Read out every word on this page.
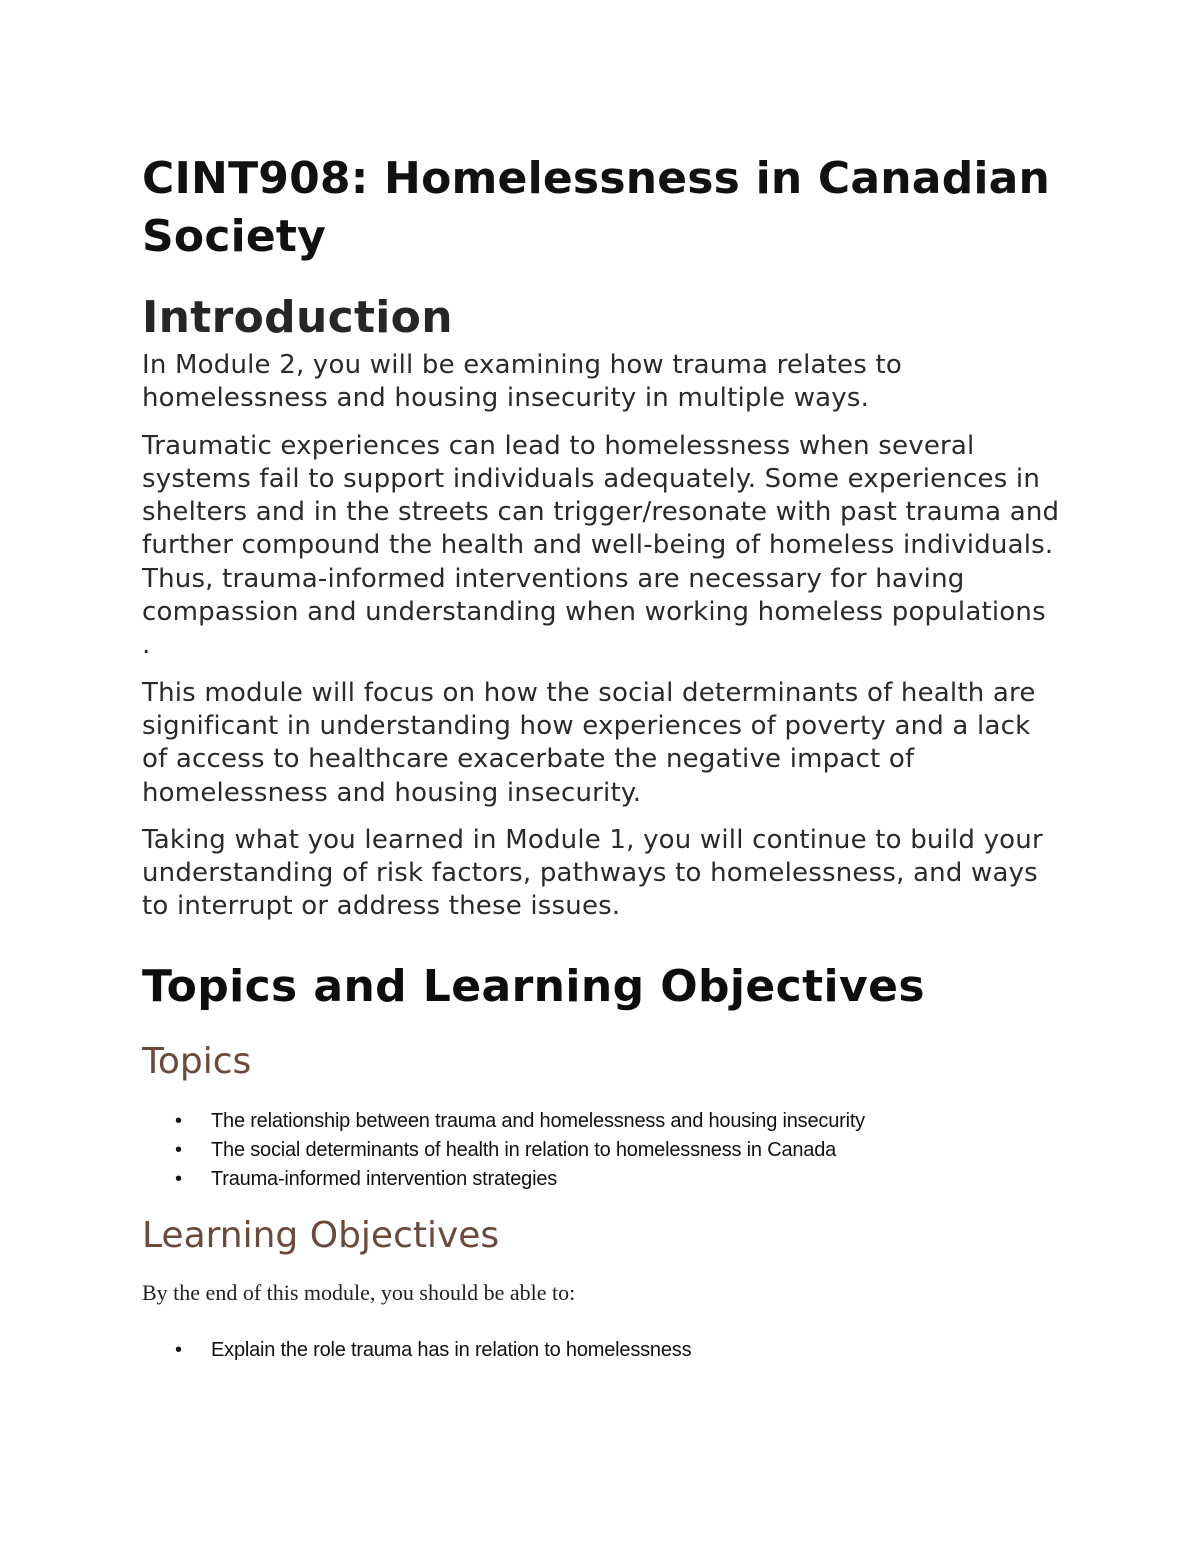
CINT908: Homelessness in Canadian Society
Introduction

In Module 2, you will be examining how trauma relates to homelessness and housing insecurity in multiple ways.

Traumatic experiences can lead to homelessness when several systems fail to support individuals adequately. Some experiences in shelters and in the streets can trigger/resonate with past trauma and further compound the health and well-being of homeless individuals. Thus, trauma-informed interventions are necessary for having compassion and understanding when working homeless populations .

This module will focus on how the social determinants of health are significant in understanding how experiences of poverty and a lack of access to healthcare exacerbate the negative impact of homelessness and housing insecurity.

Taking what you learned in Module 1, you will continue to build your understanding of risk factors, pathways to homelessness, and ways to interrupt or address these issues.

Topics and Learning Objectives
Topics
• The relationship between trauma and homelessness and housing insecurity
• The social determinants of health in relation to homelessness in Canada
• Trauma-informed intervention strategies
Learning Objectives

By the end of this module, you should be able to:

• Explain the role trauma has in relation to homelessness
